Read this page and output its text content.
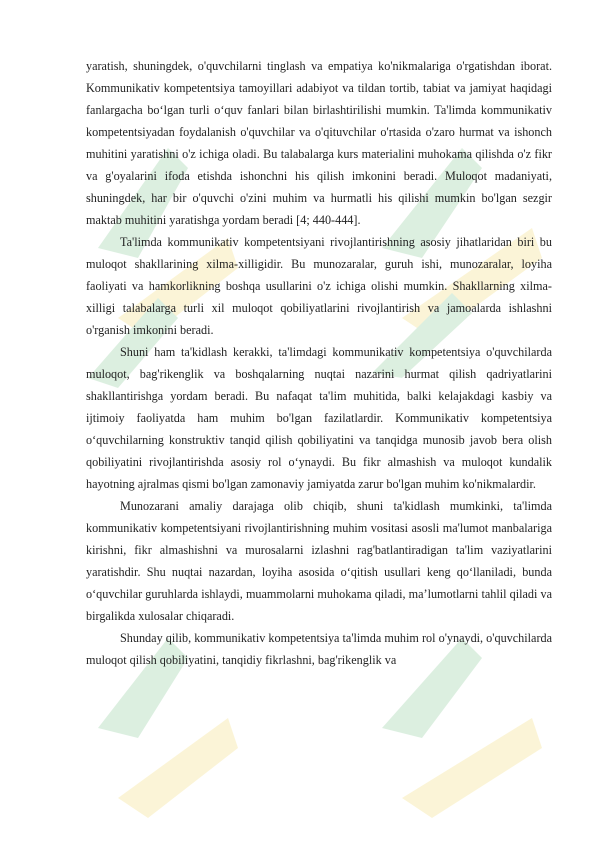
yaratish, shuningdek, o'quvchilarni tinglash va empatiya ko'nikmalariga o'rgatishdan iborat. Kommunikativ kompetentsiya tamoyillari adabiyot va tildan tortib, tabiat va jamiyat haqidagi fanlargacha bo‘lgan turli o‘quv fanlari bilan birlashtirilishi mumkin. Ta'limda kommunikativ kompetentsiyadan foydalanish o'quvchilar va o'qituvchilar o'rtasida o'zaro hurmat va ishonch muhitini yaratishni o'z ichiga oladi. Bu talabalarga kurs materialini muhokama qilishda o'z fikr va g'oyalarini ifoda etishda ishonchni his qilish imkonini beradi. Muloqot madaniyati, shuningdek, har bir o'quvchi o'zini muhim va hurmatli his qilishi mumkin bo'lgan sezgir maktab muhitini yaratishga yordam beradi [4; 440-444].

Ta'limda kommunikativ kompetentsiyani rivojlantirishning asosiy jihatlaridan biri bu muloqot shakllarining xilma-xilligidir. Bu munozaralar, guruh ishi, munozaralar, loyiha faoliyati va hamkorlikning boshqa usullarini o'z ichiga olishi mumkin. Shakllarning xilma-xilligi talabalarga turli xil muloqot qobiliyatlarini rivojlantirish va jamoalarda ishlashni o'rganish imkonini beradi.

Shuni ham ta'kidlash kerakki, ta'limdagi kommunikativ kompetentsiya o'quvchilarda muloqot, bag'rikenglik va boshqalarning nuqtai nazarini hurmat qilish qadriyatlarini shakllantirishga yordam beradi. Bu nafaqat ta'lim muhitida, balki kelajakdagi kasbiy va ijtimoiy faoliyatda ham muhim bo'lgan fazilatlardir. Kommunikativ kompetentsiya o‘quvchilarning konstruktiv tanqid qilish qobiliyatini va tanqidga munosib javob bera olish qobiliyatini rivojlantirishda asosiy rol o‘ynaydi. Bu fikr almashish va muloqot kundalik hayotning ajralmas qismi bo'lgan zamonaviy jamiyatda zarur bo'lgan muhim ko'nikmalardir.

Munozarani amaliy darajaga olib chiqib, shuni ta'kidlash mumkinki, ta'limda kommunikativ kompetentsiyani rivojlantirishning muhim vositasi asosli ma'lumot manbalariga kirishni, fikr almashishni va murosalarni izlashni rag'batlantiradigan ta'lim vaziyatlarini yaratishdir. Shu nuqtai nazardan, loyiha asosida o‘qitish usullari keng qo‘llaniladi, bunda o‘quvchilar guruhlarda ishlaydi, muammolarni muhokama qiladi, ma’lumotlarni tahlil qiladi va birgalikda xulosalar chiqaradi.

Shunday qilib, kommunikativ kompetentsiya ta'limda muhim rol o'ynaydi, o'quvchilarda muloqot qilish qobiliyatini, tanqidiy fikrlashni, bag'rikenglik va
